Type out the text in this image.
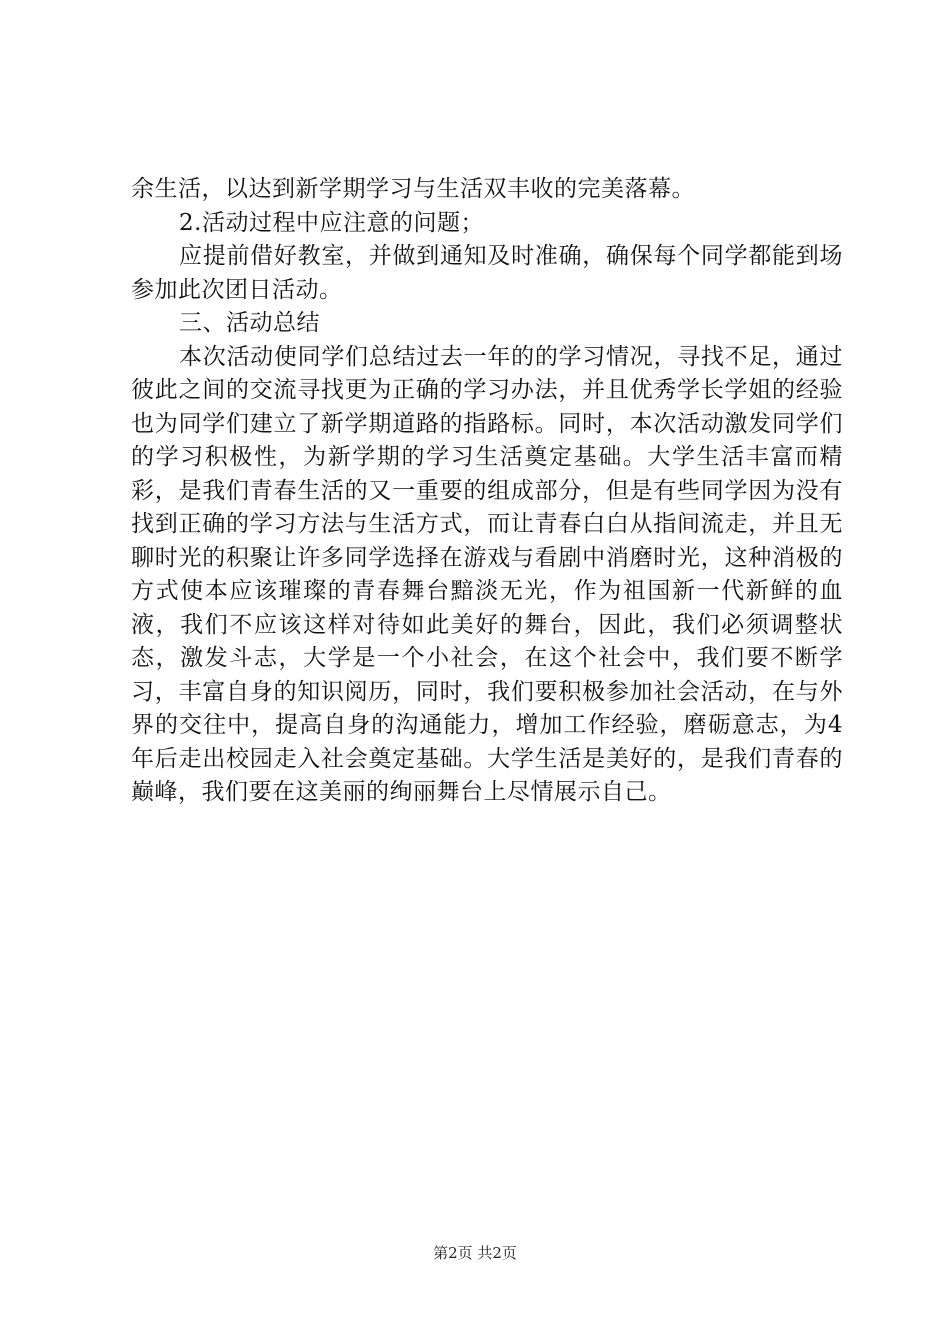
余生活，以达到新学期学习与生活双丰收的完美落幕。

2.活动过程中应注意的问题；

应提前借好教室，并做到通知及时准确，确保每个同学都能到场参加此次团日活动。

三、活动总结

本次活动使同学们总结过去一年的的学习情况，寻找不足，通过彼此之间的交流寻找更为正确的学习办法，并且优秀学长学姐的经验也为同学们建立了新学期道路的指路标。同时，本次活动激发同学们的学习积极性，为新学期的学习生活奠定基础。大学生活丰富而精彩，是我们青春生活的又一重要的组成部分，但是有些同学因为没有找到正确的学习方法与生活方式，而让青春白白从指间流走，并且无聊时光的积聚让许多同学选择在游戏与看剧中消磨时光，这种消极的方式使本应该璀璨的青春舞台黯淡无光，作为祖国新一代新鲜的血液，我们不应该这样对待如此美好的舞台，因此，我们必须调整状态，激发斗志，大学是一个小社会，在这个社会中，我们要不断学习，丰富自身的知识阅历，同时，我们要积极参加社会活动，在与外界的交往中，提高自身的沟通能力，增加工作经验，磨砺意志，为4年后走出校园走入社会奠定基础。大学生活是美好的，是我们青春的巅峰，我们要在这美丽的绚丽舞台上尽情展示自己。

第2页 共2页
